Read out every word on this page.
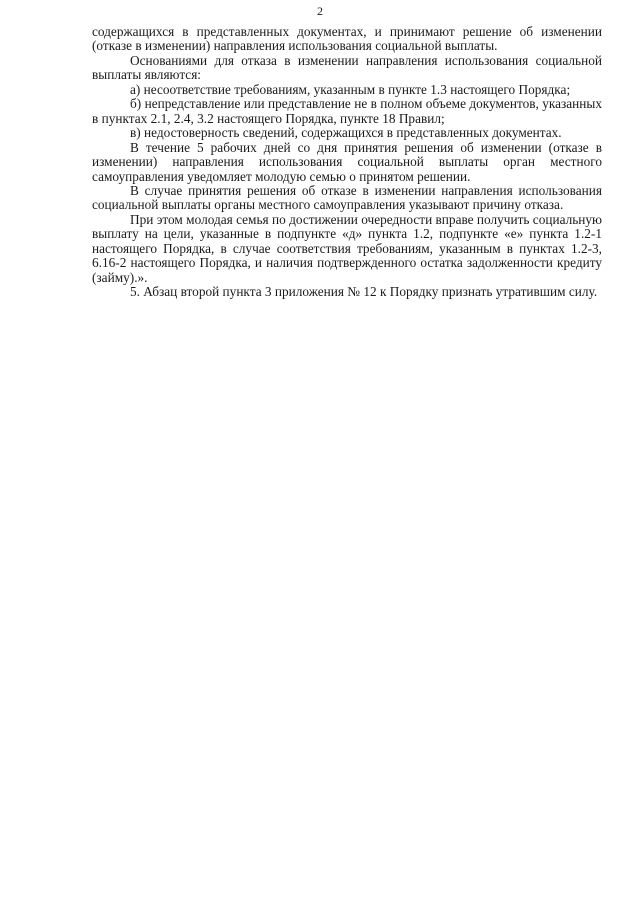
2

содержащихся в представленных документах, и принимают решение об изменении (отказе в изменении) направления использования социальной выплаты.

Основаниями для отказа в изменении направления использования социальной выплаты являются:

а) несоответствие требованиям, указанным в пункте 1.3 настоящего Порядка;

б) непредставление или представление не в полном объеме документов, указанных в пунктах 2.1, 2.4, 3.2 настоящего Порядка, пункте 18 Правил;

в) недостоверность сведений, содержащихся в представленных документах.

В течение 5 рабочих дней со дня принятия решения об изменении (отказе в изменении) направления использования социальной выплаты орган местного самоуправления уведомляет молодую семью о принятом решении.

В случае принятия решения об отказе в изменении направления использования социальной выплаты органы местного самоуправления указывают причину отказа.

При этом молодая семья по достижении очередности вправе получить социальную выплату на цели, указанные в подпункте «д» пункта 1.2, подпункте «е» пункта 1.2-1 настоящего Порядка, в случае соответствия требованиям, указанным в пунктах 1.2-3, 6.16-2 настоящего Порядка, и наличия подтвержденного остатка задолженности кредиту (займу).».

5. Абзац второй пункта 3 приложения № 12 к Порядку признать утратившим силу.
